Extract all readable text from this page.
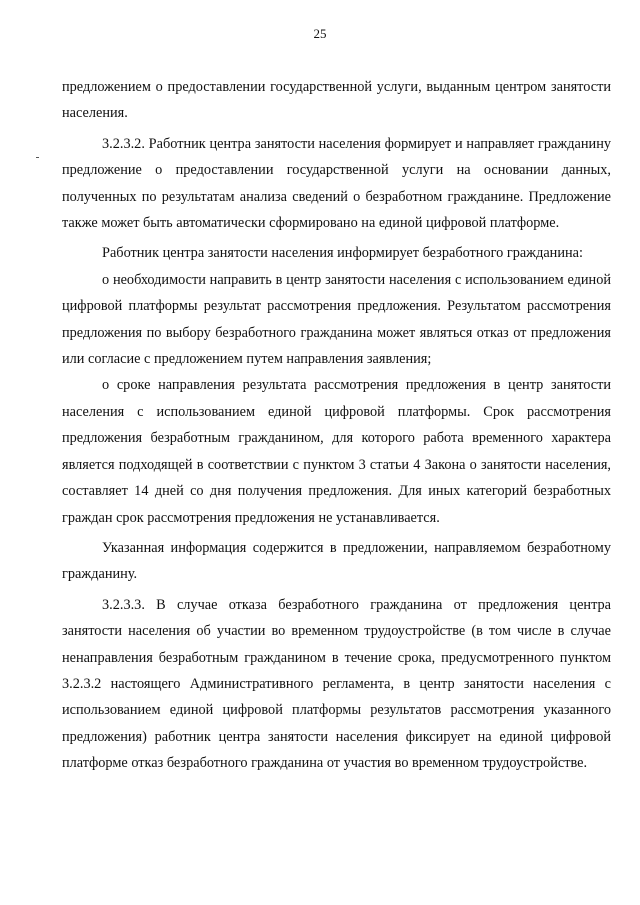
25

предложением о предоставлении государственной услуги, выданным центром занятости населения.

3.2.3.2. Работник центра занятости населения формирует и направляет гражданину предложение о предоставлении государственной услуги на основании данных, полученных по результатам анализа сведений о безработном гражданине. Предложение также может быть автоматически сформировано на единой цифровой платформе.

Работник центра занятости населения информирует безработного гражданина:

о необходимости направить в центр занятости населения с использованием единой цифровой платформы результат рассмотрения предложения. Результатом рассмотрения предложения по выбору безработного гражданина может являться отказ от предложения или согласие с предложением путем направления заявления;

о сроке направления результата рассмотрения предложения в центр занятости населения с использованием единой цифровой платформы. Срок рассмотрения предложения безработным гражданином, для которого работа временного характера является подходящей в соответствии с пунктом 3 статьи 4 Закона о занятости населения, составляет 14 дней со дня получения предложения. Для иных категорий безработных граждан срок рассмотрения предложения не устанавливается.

Указанная информация содержится в предложении, направляемом безработному гражданину.

3.2.3.3. В случае отказа безработного гражданина от предложения центра занятости населения об участии во временном трудоустройстве (в том числе в случае ненаправления безработным гражданином в течение срока, предусмотренного пунктом 3.2.3.2 настоящего Административного регламента, в центр занятости населения с использованием единой цифровой платформы результатов рассмотрения указанного предложения) работник центра занятости населения фиксирует на единой цифровой платформе отказ безработного гражданина от участия во временном трудоустройстве.
